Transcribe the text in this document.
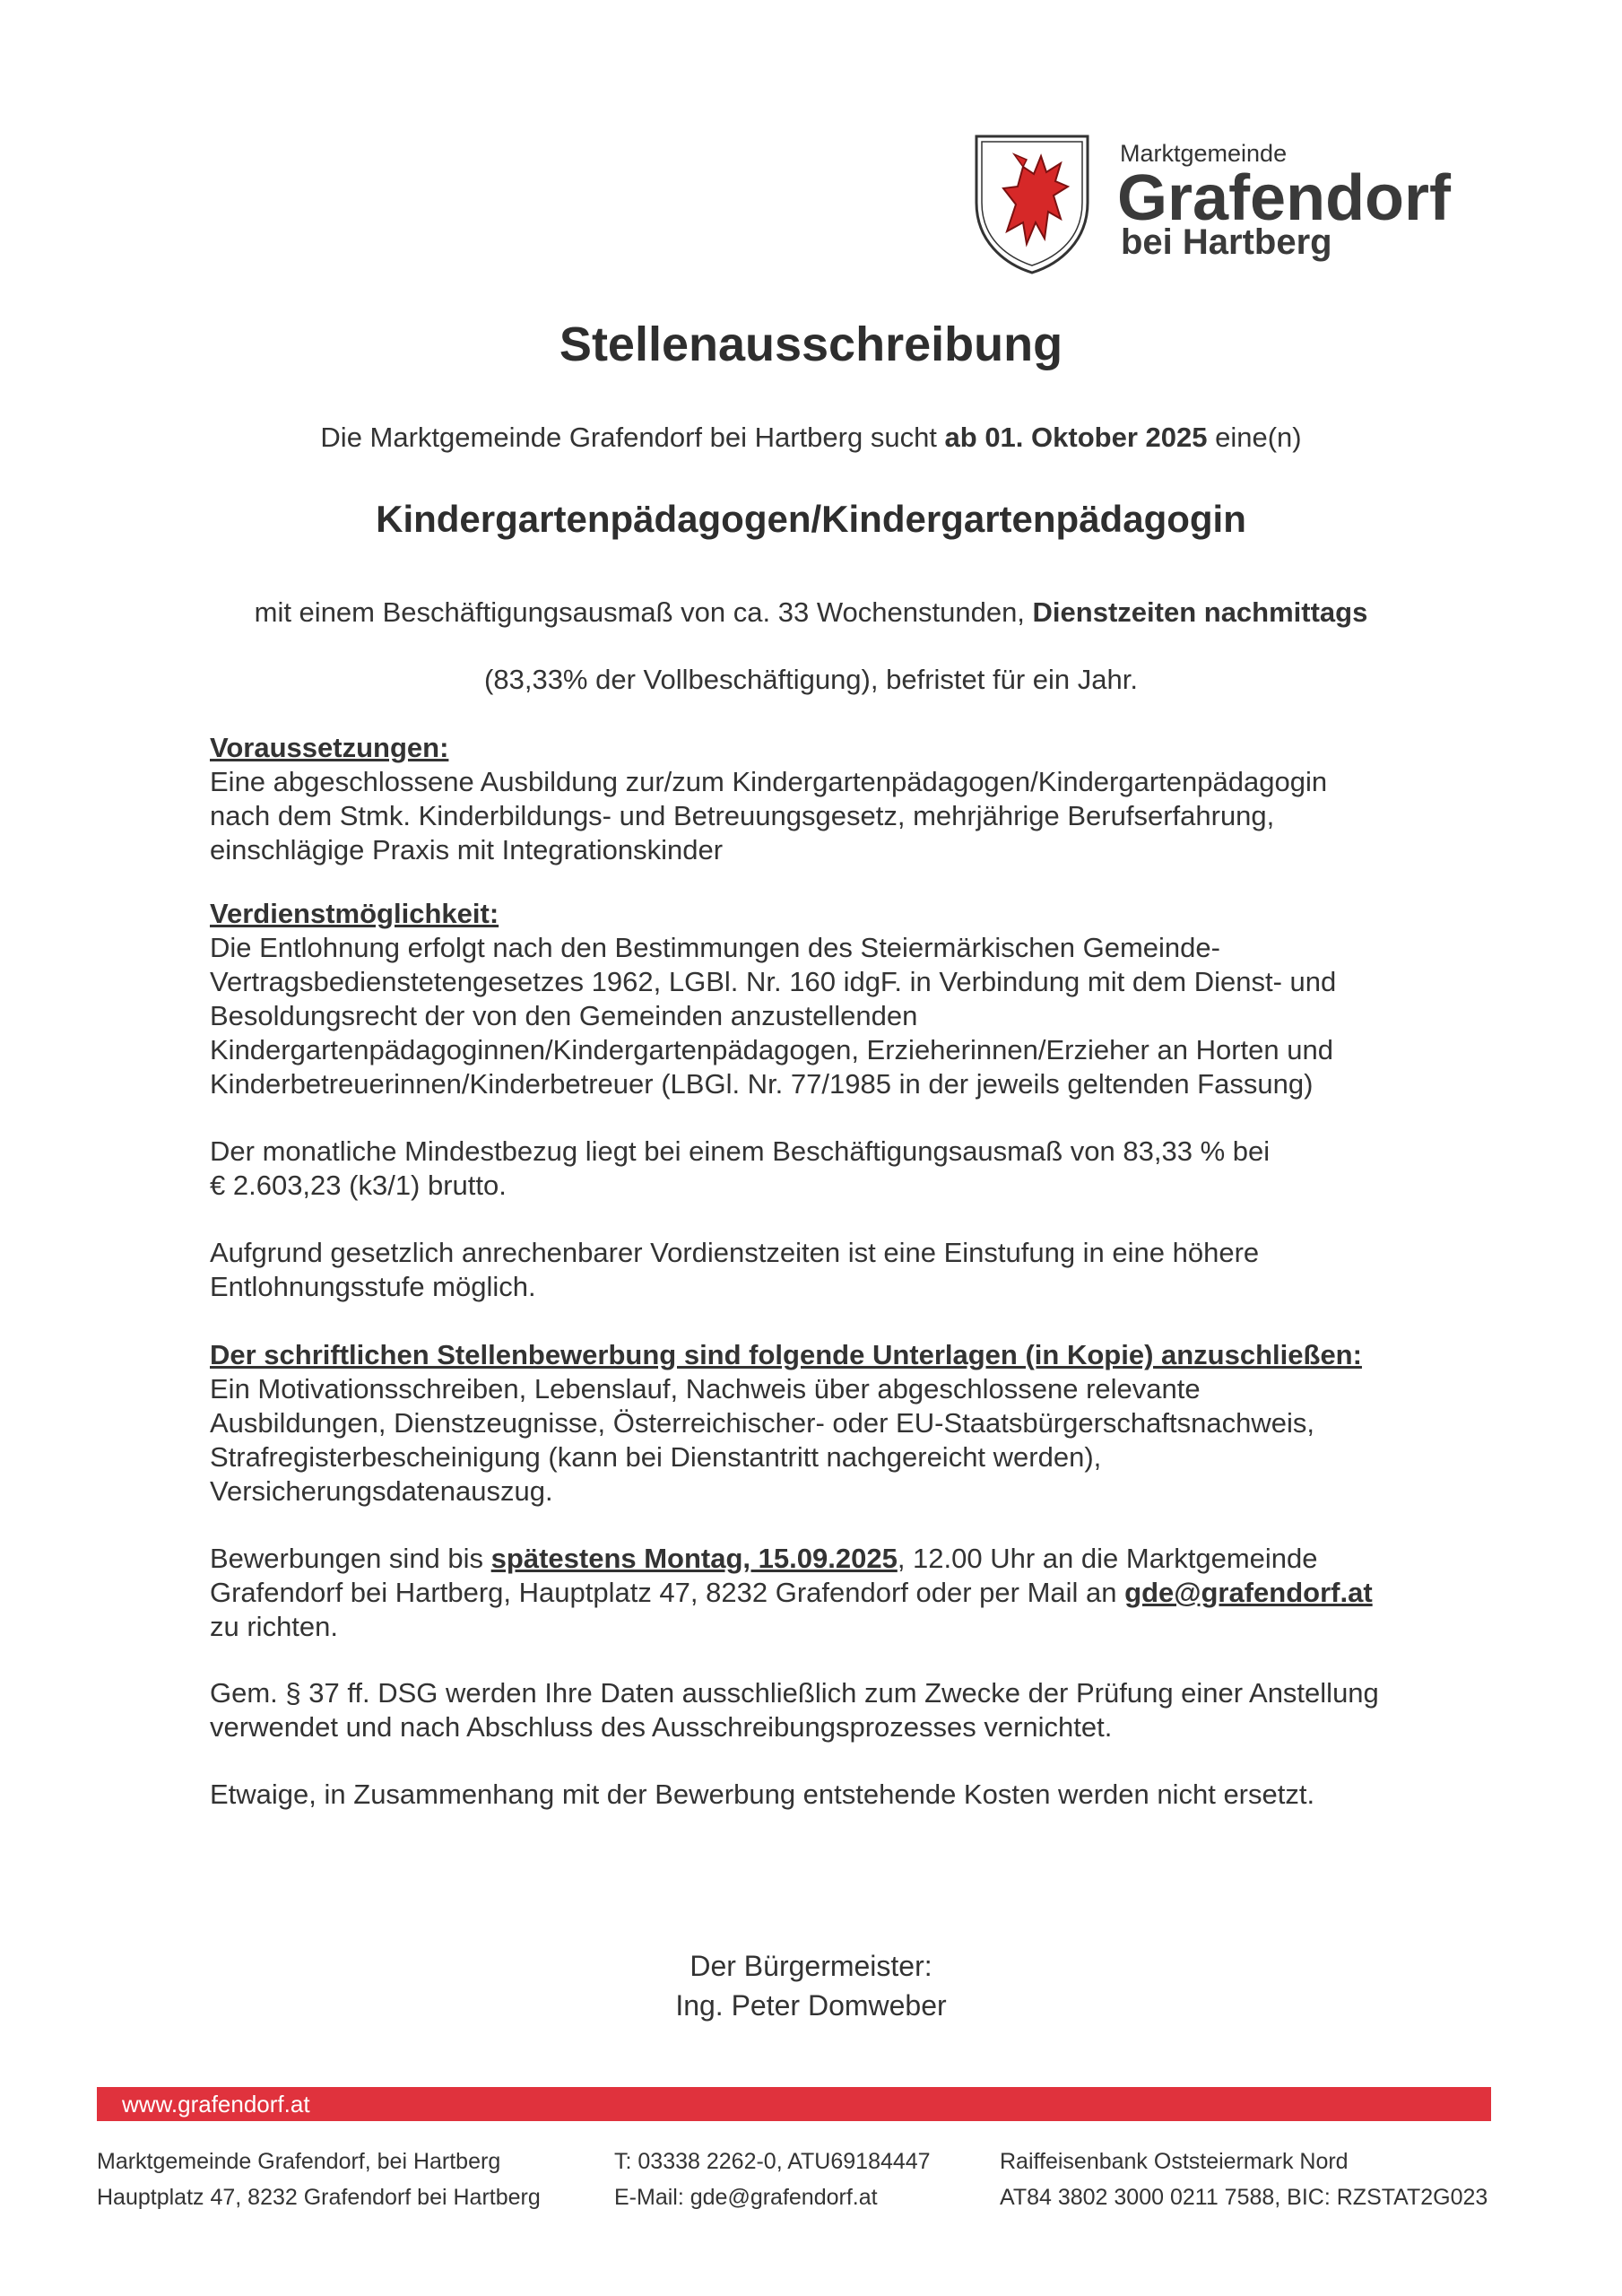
Marktgemeinde
Grafendorf
bei Hartberg
Stellenausschreibung
Die Marktgemeinde Grafendorf bei Hartberg sucht ab 01. Oktober 2025 eine(n)
Kindergartenpädagogen/Kindergartenpädagogin
mit einem Beschäftigungsausmaß von ca. 33 Wochenstunden, Dienstzeiten nachmittags
(83,33% der Vollbeschäftigung), befristet für ein Jahr.
Voraussetzungen:
Eine abgeschlossene Ausbildung zur/zum Kindergartenpädagogen/Kindergartenpädagogin
nach dem Stmk. Kinderbildungs- und Betreuungsgesetz, mehrjährige Berufserfahrung,
einschlägige Praxis mit Integrationskinder
Verdienstmöglichkeit:
Die Entlohnung erfolgt nach den Bestimmungen des Steiermärkischen Gemeinde-
Vertragsbedienstetengesetzes 1962, LGBl. Nr. 160 idgF. in Verbindung mit dem Dienst- und
Besoldungsrecht der von den Gemeinden anzustellenden
Kindergartenpädagoginnen/Kindergartenpädagogen, Erzieherinnen/Erzieher an Horten und
Kinderbetreuerinnen/Kinderbetreuer (LBGl. Nr. 77/1985 in der jeweils geltenden Fassung)
Der monatliche Mindestbezug liegt bei einem Beschäftigungsausmaß von 83,33 % bei
€ 2.603,23 (k3/1) brutto.
Aufgrund gesetzlich anrechenbarer Vordienstzeiten ist eine Einstufung in eine höhere
Entlohnungsstufe möglich.
Der schriftlichen Stellenbewerbung sind folgende Unterlagen (in Kopie) anzuschließen:
Ein Motivationsschreiben, Lebenslauf, Nachweis über abgeschlossene relevante
Ausbildungen, Dienstzeugnisse, Österreichischer- oder EU-Staatsbürgerschaftsnachweis,
Strafregisterbescheinigung (kann bei Dienstantritt nachgereicht werden),
Versicherungsdatenauszug.
Bewerbungen sind bis spätestens Montag, 15.09.2025, 12.00 Uhr an die Marktgemeinde
Grafendorf bei Hartberg, Hauptplatz 47, 8232 Grafendorf oder per Mail an gde@grafendorf.at
zu richten.
Gem. § 37 ff. DSG werden Ihre Daten ausschließlich zum Zwecke der Prüfung einer Anstellung
verwendet und nach Abschluss des Ausschreibungsprozesses vernichtet.
Etwaige, in Zusammenhang mit der Bewerbung entstehende Kosten werden nicht ersetzt.
Der Bürgermeister:
Ing. Peter Domweber
www.grafendorf.at
Marktgemeinde Grafendorf, bei Hartberg
Hauptplatz 47, 8232 Grafendorf bei Hartberg
T: 03338 2262-0, ATU69184447
E-Mail: gde@grafendorf.at
Raiffeisenbank Oststeiermark Nord
AT84 3802 3000 0211 7588, BIC: RZSTAT2G023
